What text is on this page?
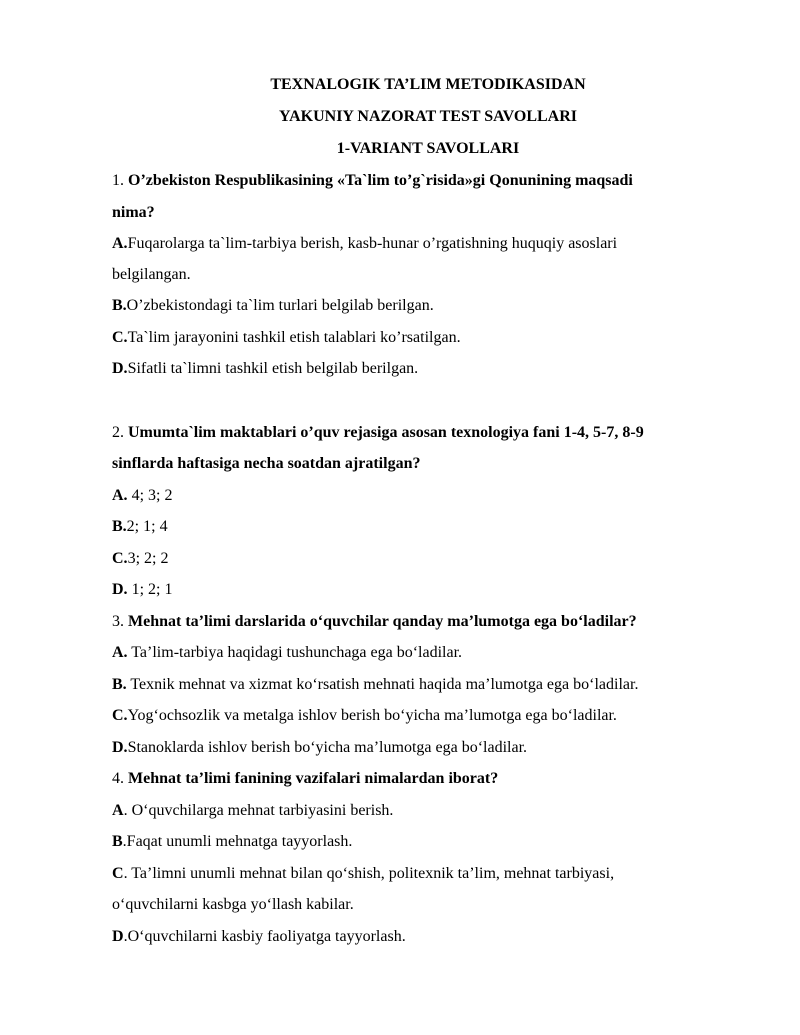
TEXNALOGIK TA’LIM METODIKASIDAN
YAKUNIY NAZORAT TEST SAVOLLARI
1-VARIANT SAVOLLARI
1. O’zbekiston Respublikasining «Ta`lim to’g`risida»gi Qonunining maqsadi
nima?
A.Fuqarolarga ta`lim-tarbiya berish, kasb-hunar o’rgatishning huquqiy asoslari
belgilangan.
B.O’zbekistondagi ta`lim turlari belgilab berilgan.
C.Ta`lim jarayonini tashkil etish talablari ko’rsatilgan.
D.Sifatli ta`limni tashkil etish belgilab berilgan.
2. Umumta`lim maktablari o’quv rejasiga asosan texnologiya fani 1-4, 5-7, 8-9
sinflarda haftasiga necha soatdan ajratilgan?
A. 4; 3; 2
B.2; 1; 4
C.3; 2; 2
D. 1; 2; 1
3. Mehnat ta’limi darslarida o‘quvchilar qanday ma’lumotga ega bo‘ladilar?
A. Ta’lim-tarbiya haqidagi tushunchaga ega bo‘ladilar.
B. Texnik mehnat va xizmat ko‘rsatish mehnati haqida ma’lumotga ega bo‘ladilar.
C.Yog‘ochsozlik va metalga ishlov berish bo‘yicha ma’lumotga ega bo‘ladilar.
D.Stanoklarda ishlov berish bo‘yicha ma’lumotga ega bo‘ladilar.
4. Mehnat ta’limi fanining vazifalari nimalardan iborat?
A. O‘quvchilarga mehnat tarbiyasini berish.
B.Faqat unumli mehnatga tayyorlash.
C. Ta’limni unumli mehnat bilan qo‘shish, politexnik ta’lim, mehnat tarbiyasi,
o‘quvchilarni kasbga yo‘llash kabilar.
D.O‘quvchilarni kasbiy faoliyatga tayyorlash.
